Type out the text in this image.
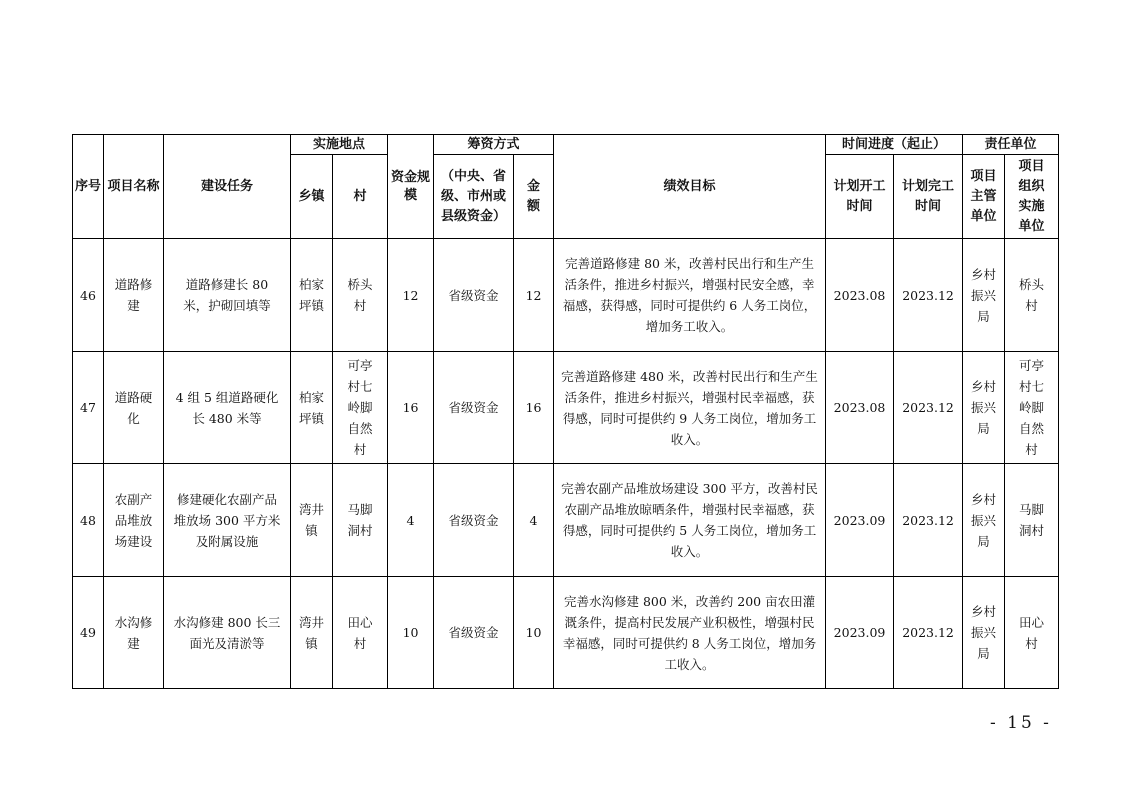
序号	项目名称	建设任务	实施地点		资金规模	筹资方式		绩效目标	时间进度（起止）		责任单位	
			乡镇	村		（中央、省级、市州或县级资金）	金额		计划开工时间	计划完工时间	项目主管单位	项目组织实施单位
46	道路修建	道路修建长 80 米，护砌回填等	柏家坪镇	桥头村	12	省级资金	12	完善道路修建 80 米，改善村民出行和生产生活条件，推进乡村振兴，增强村民安全感，幸福感，获得感，同时可提供约 6 人务工岗位，增加务工收入。	2023.08	2023.12	乡村振兴局	桥头村
47	道路硬化	4 组 5 组道路硬化长 480 米等	柏家坪镇	可亭村七岭脚自然村	16	省级资金	16	完善道路修建 480 米，改善村民出行和生产生活条件，推进乡村振兴，增强村民幸福感，获得感，同时可提供约 9 人务工岗位，增加务工收入。	2023.08	2023.12	乡村振兴局	可亭村七岭脚自然村
48	农副产品堆放场建设	修建硬化农副产品堆放场 300 平方米及附属设施	湾井镇	马脚洞村	4	省级资金	4	完善农副产品堆放场建设 300 平方，改善村民农副产品堆放晾晒条件，增强村民幸福感，获得感，同时可提供约 5 人务工岗位，增加务工收入。	2023.09	2023.12	乡村振兴局	马脚洞村
49	水沟修建	水沟修建 800 长三面光及清淤等	湾井镇	田心村	10	省级资金	10	完善水沟修建 800 米，改善约 200 亩农田灌溉条件，提高村民发展产业积极性，增强村民幸福感，同时可提供约 8 人务工岗位，增加务工收入。	2023.09	2023.12	乡村振兴局	田心村
- 15 -
